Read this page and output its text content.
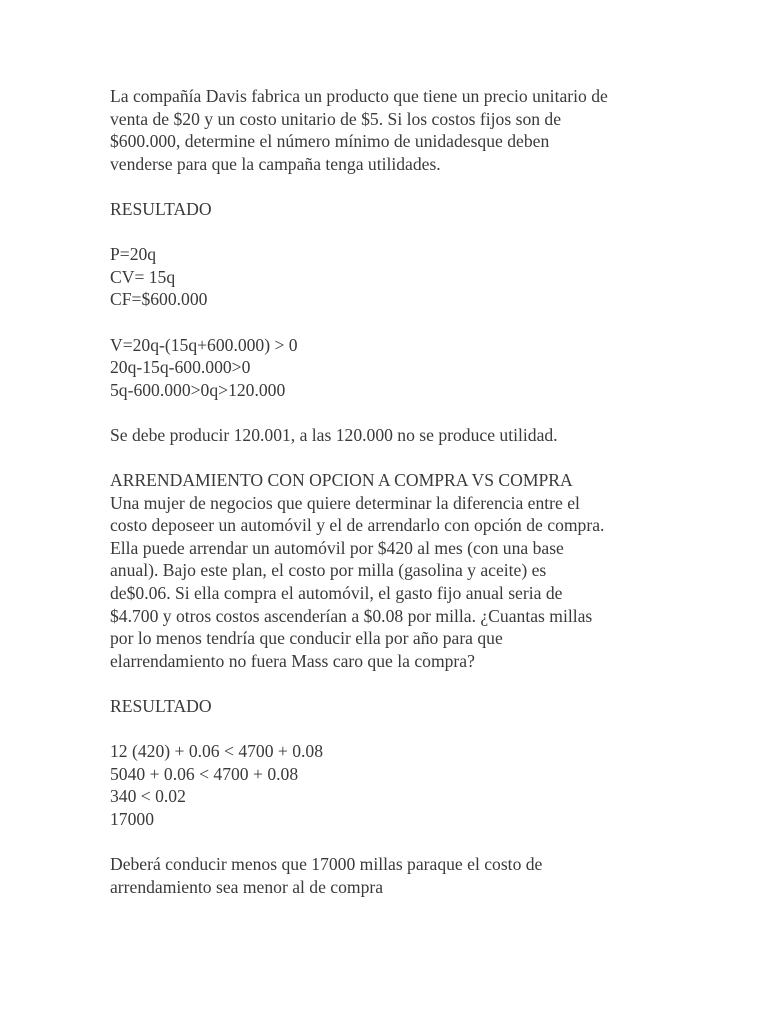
La compañía Davis fabrica un producto que tiene un precio unitario de

venta de $20 y un costo unitario de $5. Si los costos fijos son de

$600.000, determine el número mínimo de unidadesque deben

venderse para que la campaña tenga utilidades.

RESULTADO

P=20q

CV= 15q

CF=$600.000

V=20q-(15q+600.000) > 0

20q-15q-600.000>0

5q-600.000>0q>120.000

Se debe producir 120.001, a las 120.000 no se produce utilidad.

ARRENDAMIENTO CON OPCION A COMPRA VS COMPRA

Una mujer de negocios que quiere determinar la diferencia entre el

costo deposeer un automóvil y el de arrendarlo con opción de compra.

Ella puede arrendar un automóvil por $420 al mes (con una base

anual). Bajo este plan, el costo por milla (gasolina y aceite) es

de$0.06. Si ella compra el automóvil, el gasto fijo anual seria de

$4.700 y otros costos ascenderían a $0.08 por milla. ¿Cuantas millas

por lo menos tendría que conducir ella por año para que

elarrendamiento no fuera Mass caro que la compra?

RESULTADO

12 (420) + 0.06 < 4700 + 0.08

5040 + 0.06 < 4700 + 0.08

340 < 0.02

17000

Deberá conducir menos que 17000 millas paraque el costo de

arrendamiento sea menor al de compra
